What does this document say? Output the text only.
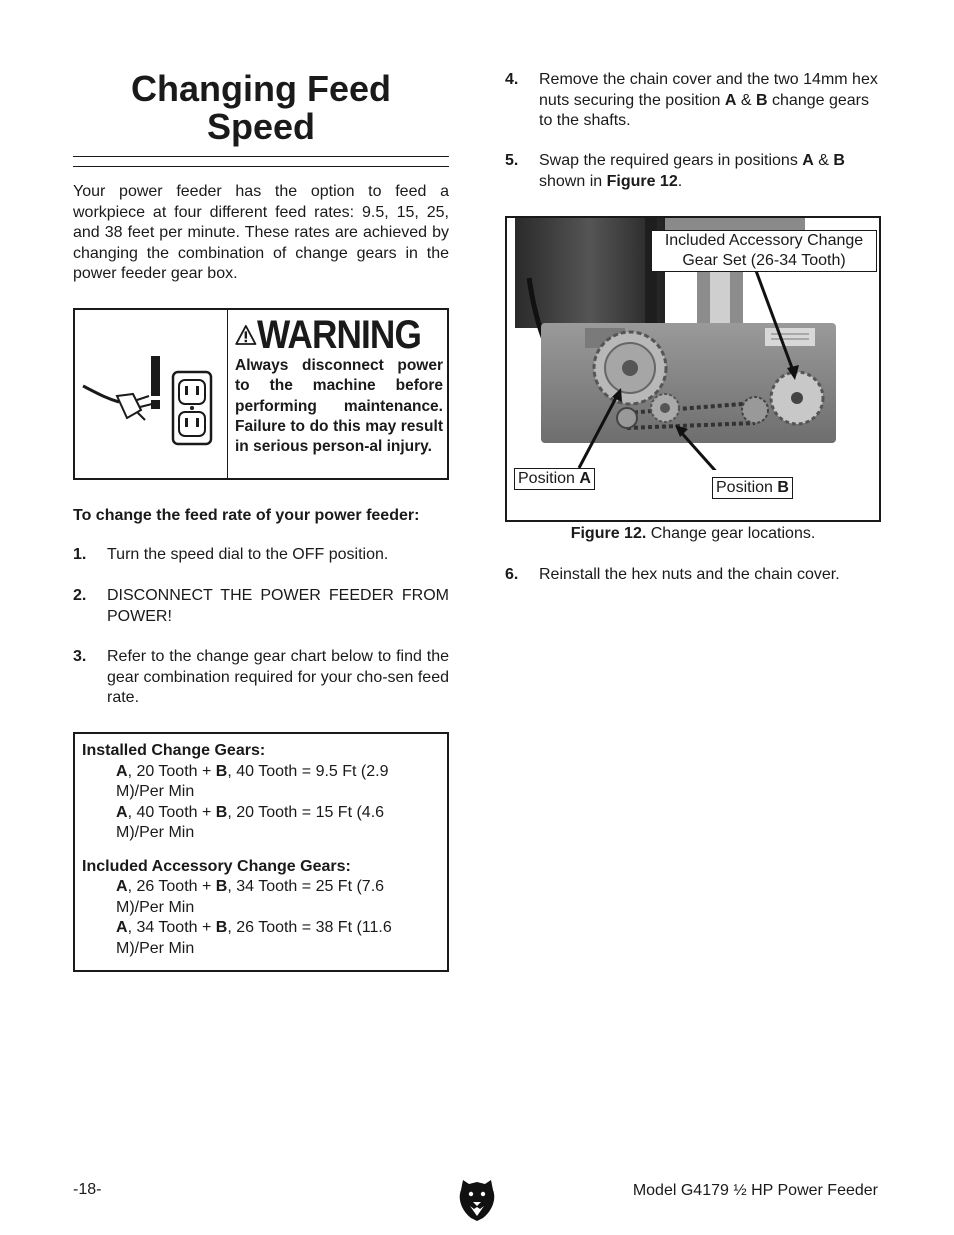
Changing Feed
Speed
Your power feeder has the option to feed a workpiece at four different feed rates: 9.5, 15, 25, and 38 feet per minute. These rates are achieved by changing the combination of change gears in the power feeder gear box.
WARNING
Always disconnect power to the machine before performing maintenance. Failure to do this may result in serious person-al injury.
To change the feed rate of your power feeder:
1.	Turn the speed dial to the OFF position.
2.	DISCONNECT THE POWER FEEDER FROM POWER!
3.	Refer to the change gear chart below to find the gear combination required for your cho-sen feed rate.
Installed Change Gears:
A, 20 Tooth + B, 40 Tooth = 9.5 Ft (2.9 M)/Per Min
A, 40 Tooth + B, 20 Tooth = 15 Ft (4.6 M)/Per Min
Included Accessory Change Gears:
A, 26 Tooth + B, 34 Tooth = 25 Ft (7.6 M)/Per Min
A, 34 Tooth + B, 26 Tooth = 38 Ft (11.6 M)/Per Min
4.	Remove the chain cover and the two 14mm hex nuts securing the position A & B change gears to the shafts.
5.	Swap the required gears in positions A & B shown in Figure 12.
Included Accessory Change
Gear Set (26-34 Tooth)
Position A
Position B
Figure 12. Change gear locations.
6.	Reinstall the hex nuts and the chain cover.
-18-	Model G4179 ½ HP Power Feeder
